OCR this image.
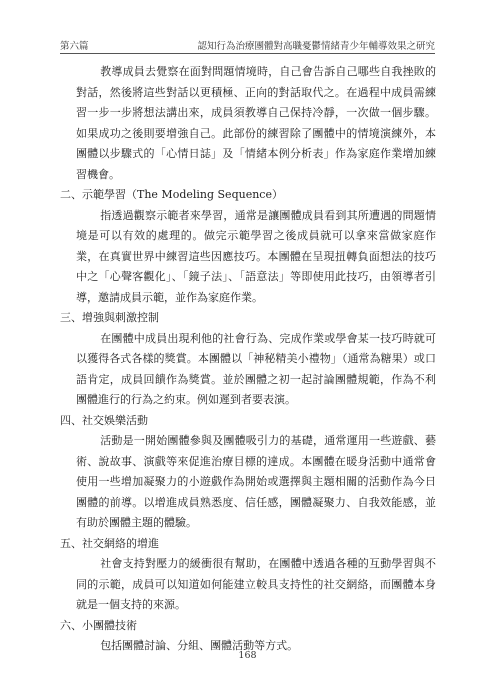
第六篇	認知行為治療團體對高職憂鬱情緒青少年輔導效果之研究

教導成員去覺察在面對問題情境時，自己會告訴自己哪些自我挫敗的對話，然後將這些對話以更積極、正向的對話取代之。在過程中成員需練習一步一步將想法講出來，成員須教導自己保持冷靜，一次做一個步驟。如果成功之後則要增強自己。此部份的練習除了團體中的情境演練外，本團體以步驟式的「心情日誌」及「情緒本例分析表」作為家庭作業增加練習機會。

二、示範學習（The Modeling Sequence）

指透過觀察示範者來學習，通常是讓團體成員看到其所遭遇的問題情境是可以有效的處理的。做完示範學習之後成員就可以拿來當做家庭作業，在真實世界中練習這些因應技巧。本團體在呈現扭轉負面想法的技巧中之「心聲客觀化」、「鏡子法」、「語意法」等即使用此技巧，由領導者引導，邀請成員示範，並作為家庭作業。

三、增強與刺激控制

在團體中成員出現利他的社會行為、完成作業或學會某一技巧時就可以獲得各式各樣的獎賞。本團體以「神秘精美小禮物」（通常為糖果）或口語肯定，成員回饋作為獎賞。並於團體之初一起討論團體規範，作為不利團體進行的行為之約束。例如遲到者要表演。

四、社交娛樂活動

活動是一開始團體參與及團體吸引力的基礎，通常運用一些遊戲、藝術、說故事、演戲等來促進治療目標的達成。本團體在暖身活動中通常會使用一些增加凝聚力的小遊戲作為開始或選擇與主題相關的活動作為今日團體的前導。以增進成員熟悉度、信任感，團體凝聚力、自我效能感，並有助於團體主題的體驗。

五、社交網絡的增進

社會支持對壓力的緩衝很有幫助，在團體中透過各種的互動學習與不同的示範，成員可以知道如何能建立較具支持性的社交網絡，而團體本身就是一個支持的來源。

六、小團體技術

包括團體討論、分組、團體活動等方式。

168
